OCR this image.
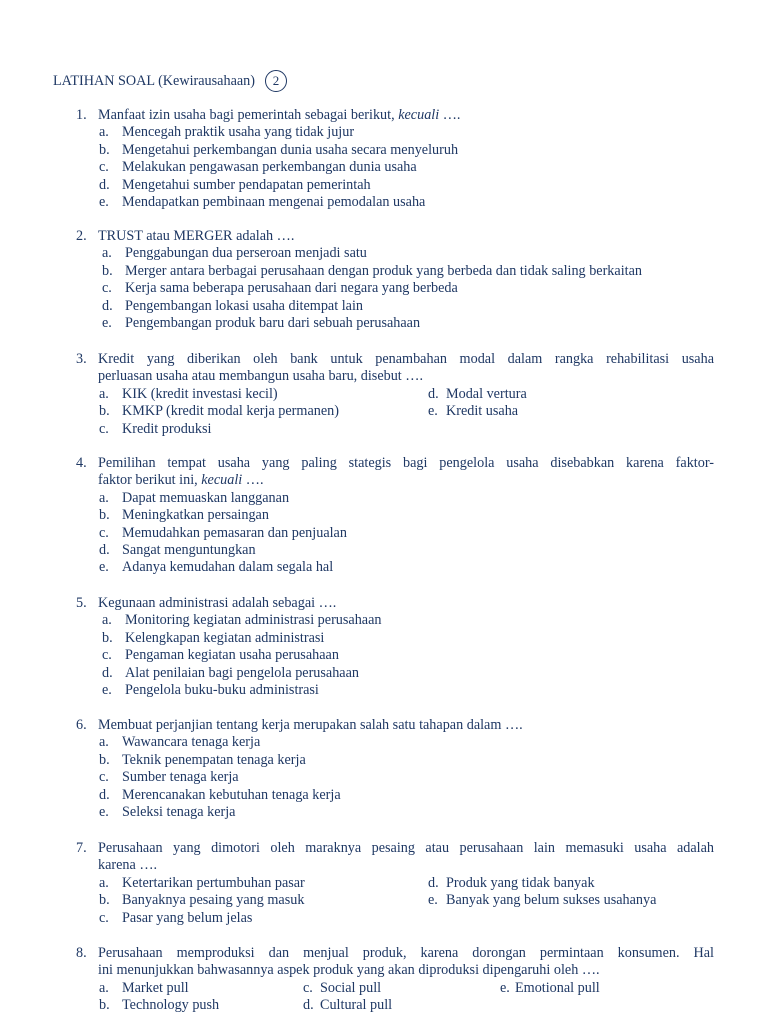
LATIHAN SOAL (Kewirausahaan)	2
1. Manfaat izin usaha bagi pemerintah sebagai berikut, kecuali ….
a. Mencegah praktik usaha yang tidak jujur
b. Mengetahui perkembangan dunia usaha secara menyeluruh
c. Melakukan pengawasan perkembangan dunia usaha
d. Mengetahui sumber pendapatan pemerintah
e. Mendapatkan pembinaan mengenai pemodalan usaha
2. TRUST atau MERGER adalah ….
a. Penggabungan dua perseroan menjadi satu
b. Merger antara berbagai perusahaan dengan produk yang berbeda dan tidak saling berkaitan
c. Kerja sama beberapa perusahaan dari negara yang berbeda
d. Pengembangan lokasi usaha ditempat lain
e. Pengembangan produk baru dari sebuah perusahaan
3. Kredit yang diberikan oleh bank untuk penambahan modal dalam rangka rehabilitasi usaha
perluasan usaha atau membangun usaha baru, disebut ….
a. KIK (kredit investasi kecil)	d. Modal vertura
b. KMKP (kredit modal kerja permanen)	e. Kredit usaha
c. Kredit produksi
4. Pemilihan tempat usaha yang paling stategis bagi pengelola usaha disebabkan karena faktor-
faktor berikut ini, kecuali ….
a. Dapat memuaskan langganan
b. Meningkatkan persaingan
c. Memudahkan pemasaran dan penjualan
d. Sangat menguntungkan
e. Adanya kemudahan dalam segala hal
5. Kegunaan administrasi adalah sebagai ….
a. Monitoring kegiatan administrasi perusahaan
b. Kelengkapan kegiatan administrasi
c. Pengaman kegiatan usaha perusahaan
d. Alat penilaian bagi pengelola perusahaan
e. Pengelola buku-buku administrasi
6. Membuat perjanjian tentang kerja merupakan salah satu tahapan dalam ….
a. Wawancara tenaga kerja
b. Teknik penempatan tenaga kerja
c. Sumber tenaga kerja
d. Merencanakan kebutuhan tenaga kerja
e. Seleksi tenaga kerja
7. Perusahaan yang dimotori oleh maraknya pesaing atau perusahaan lain memasuki usaha adalah
karena ….
a. Ketertarikan pertumbuhan pasar	d. Produk yang tidak banyak
b. Banyaknya pesaing yang masuk	e. Banyak yang belum sukses usahanya
c. Pasar yang belum jelas
8. Perusahaan memproduksi dan menjual produk, karena dorongan permintaan konsumen. Hal
ini menunjukkan bahwasannya aspek produk yang akan diproduksi dipengaruhi oleh ….
a. Market pull	c. Social pull	e. Emotional pull
b. Technology push	d. Cultural pull
